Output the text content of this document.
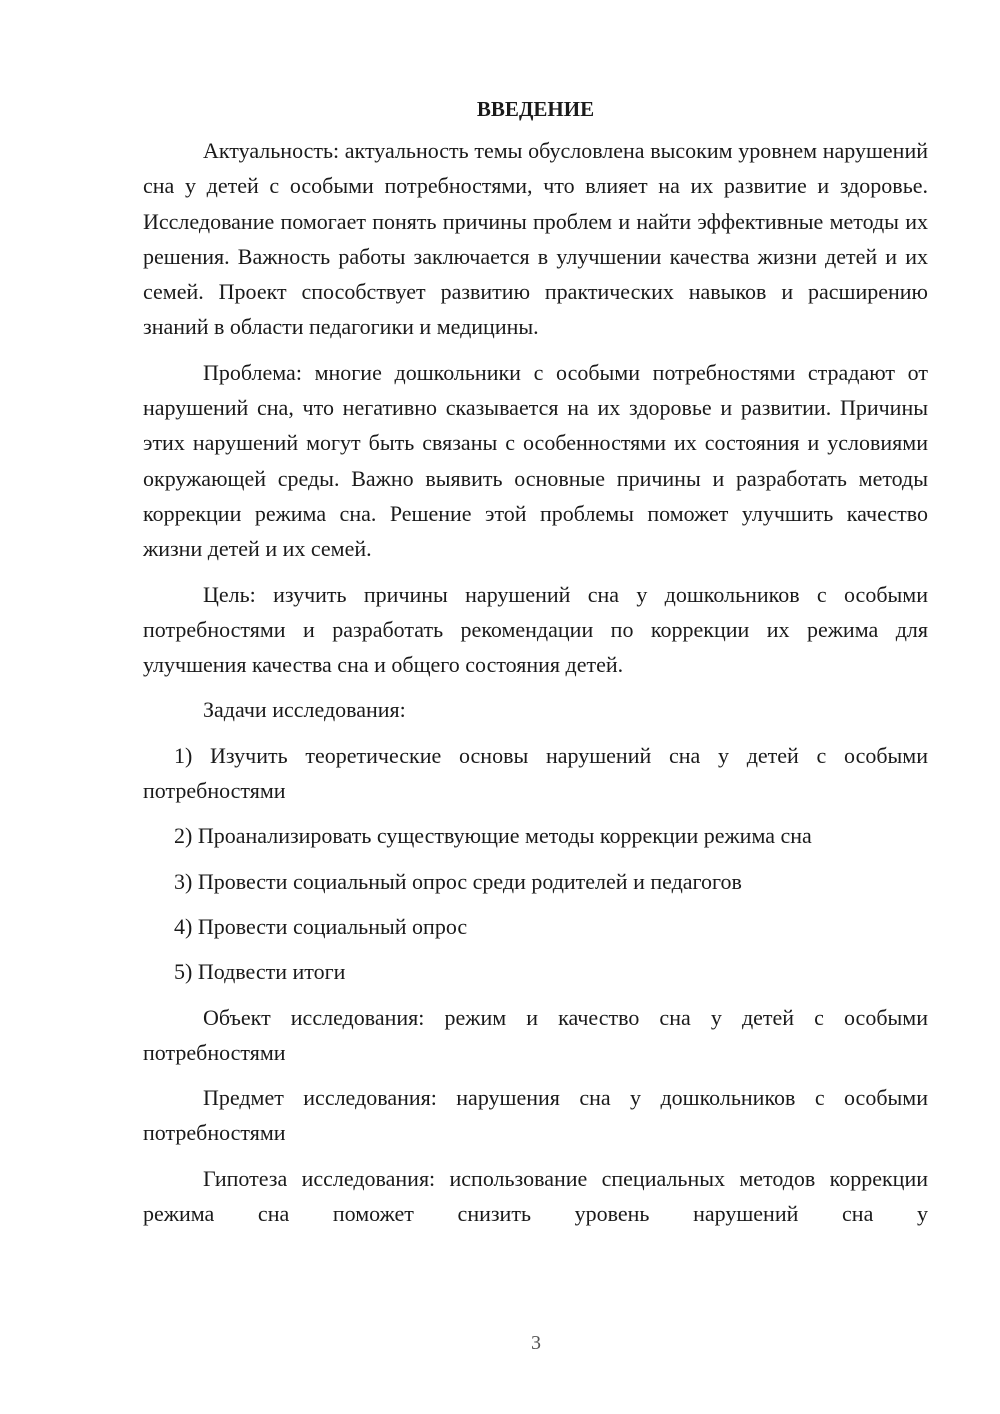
ВВЕДЕНИЕ

Актуальность: актуальность темы обусловлена высоким уровнем нарушений сна у детей с особыми потребностями, что влияет на их развитие и здоровье. Исследование помогает понять причины проблем и найти эффективные методы их решения. Важность работы заключается в улучшении качества жизни детей и их семей. Проект способствует развитию практических навыков и расширению знаний в области педагогики и медицины.

Проблема: многие дошкольники с особыми потребностями страдают от нарушений сна, что негативно сказывается на их здоровье и развитии. Причины этих нарушений могут быть связаны с особенностями их состояния и условиями окружающей среды. Важно выявить основные причины и разработать методы коррекции режима сна. Решение этой проблемы поможет улучшить качество жизни детей и их семей.

Цель: изучить причины нарушений сна у дошкольников с особыми потребностями и разработать рекомендации по коррекции их режима для улучшения качества сна и общего состояния детей.

Задачи исследования:

1) Изучить теоретические основы нарушений сна у детей с особыми потребностями

2) Проанализировать существующие методы коррекции режима сна

3) Провести социальный опрос среди родителей и педагогов

4) Провести социальный опрос

5) Подвести итоги

Объект исследования: режим и качество сна у детей с особыми потребностями

Предмет исследования: нарушения сна у дошкольников с особыми потребностями

Гипотеза исследования: использование специальных методов коррекции режима сна поможет снизить уровень нарушений сна у

3
